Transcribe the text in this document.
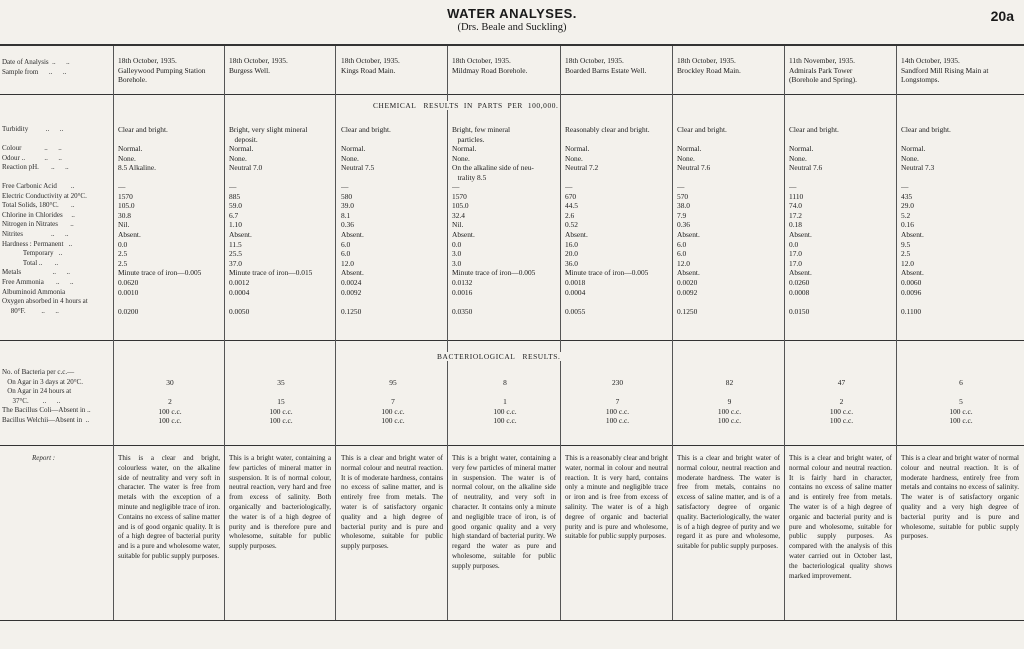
WATER ANALYSES.
(Drs. Beale and Suckling)
20a
CHEMICAL   RESULTS  IN  PARTS  PER  100,000.
BACTERIOLOGICAL   RESULTS.
Date of Analysis  ..      ..
Sample from      ..      ..
Turbidity          ..      ..

Colour             ..      ..
Odour ..           ..      ..
Reaction pH.       ..      ..
Free Carbonic Acid        ..
Electric Conductivity at 20°C.
Total Solids, 180°C.       ..
Chlorine in Chlorides     ..
Nitrogen in Nitrates       ..
Nitrites                ..      ..
Hardness : Permanent   ..
Temporary   ..
Total ..       ..
Metals                  ..      ..
Free Ammonia       ..      ..
Albuminoid Ammonia
Oxygen absorbed in 4 hours at
80°F.         ..      ..
No. of Bacteria per c.c.—
On Agar in 3 days at 20°C.
On Agar in 24 hours at
37°C.        ..      ..
The Bacillus Coli—Absent in ..
Bacillus Welchii—Absent in  ..
Report :
18th October, 1935.
Galleywood Pumping Station
Borehole.
Clear and bright.

Normal.
None.
8.5 Alkaline.
—
1570
105.0
30.8
Nil.
Absent.
0.0
2.5
2.5
Minute trace of iron—0.005
0.0620
0.0010

0.0200
30

2
100 c.c.
100 c.c.
This is a clear and bright, colourless water, on the alkaline side of neutrality and very soft in character. The water is free from metals with the exception of a minute and negligible trace of iron. Contains no excess of saline matter and is of good organic quality. It is of a high degree of bacterial purity and is a pure and wholesome water, suitable for public supply purposes.
18th October, 1935.
Burgess Well.
Bright, very slight mineral
deposit.
Normal.
None.
Neutral 7.0
—
885
59.0
6.7
1.10
Absent.
11.5
25.5
37.0
Minute trace of iron—0.015
0.0012
0.0004

0.0050
35

15
100 c.c.
100 c.c.
This is a bright water, containing a few particles of mineral matter in suspension. It is of normal colour, neutral reaction, very hard and free from excess of salinity. Both organically and bacteriologically, the water is of a high degree of purity and is therefore pure and wholesome, suitable for public supply purposes.
18th October, 1935.
Kings Road Main.
Clear and bright.

Normal.
None.
Neutral 7.5
—
580
39.0
8.1
0.36
Absent.
6.0
6.0
12.0
Absent.
0.0024
0.0092

0.1250
95

7
100 c.c.
100 c.c.
This is a clear and bright water of normal colour and neutral reaction. It is of moderate hardness, contains no excess of saline matter, and is entirely free from metals. The water is of satisfactory organic quality and a high degree of bacterial purity and is pure and wholesome, suitable for public supply purposes.
18th October, 1935.
Mildmay Road Borehole.
Bright, few mineral
particles.
Normal.
None.
On the alkaline side of neu-
trality 8.5
—
1570
105.0
32.4
Nil.
Absent.
0.0
3.0
3.0
Minute trace of iron—0.005
0.0132
0.0016

0.0350
8

1
100 c.c.
100 c.c.
This is a bright water, containing a very few particles of mineral matter in suspension. The water is of normal colour, on the alkaline side of neutrality, and very soft in character. It contains only a minute and negligible trace of iron, is of good organic quality and a very high standard of bacterial purity. We regard the water as pure and wholesome, suitable for public supply purposes.
18th October, 1935.
Boarded Barns Estate Well.
Reasonably clear and bright.

Normal.
None.
Neutral 7.2
—
670
44.5
2.6
0.52
Absent.
16.0
20.0
36.0
Minute trace of iron—0.005
0.0018
0.0004

0.0055
230

7
100 c.c.
100 c.c.
This is a reasonably clear and bright water, normal in colour and neutral reaction. It is very hard, contains only a minute and negligible trace or iron and is free from excess of salinity. The water is of a high degree of organic and bacterial purity and is pure and wholesome, suitable for public supply purposes.
18th October, 1935.
Brockley Road Main.
Clear and bright.

Normal.
None.
Neutral 7.6
—
570
38.0
7.9
0.36
Absent.
6.0
6.0
12.0
Absent.
0.0020
0.0092

0.1250
82

9
100 c.c.
100 c.c.
This is a clear and bright water of normal colour, neutral reaction and moderate hardness. The water is free from metals, contains no excess of saline matter, and is of a satisfactory degree of organic quality. Bacteriologically, the water is of a high degree of purity and we regard it as pure and wholesome, suitable for public supply purposes.
11th November, 1935.
Admirals Park Tower
(Borehole and Spring).
Clear and bright.

Normal.
None.
Neutral 7.6
—
1110
74.0
17.2
0.18
Absent.
0.0
17.0
17.0
Absent.
0.0260
0.0008

0.0150
47

2
100 c.c.
100 c.c.
This is a clear and bright water, of normal colour and neutral reaction. It is fairly hard in character, contains no excess of saline matter and is entirely free from metals. The water is of a high degree of organic and bacterial purity and is pure and wholesome, suitable for public supply purposes. As compared with the analysis of this water carried out in October last, the bacteriological quality shows marked improvement.
14th October, 1935.
Sandford Mill Rising Main at
Longstomps.
Clear and bright.

Normal.
None.
Neutral 7.3
—
435
29.0
5.2
0.16
Absent.
9.5
2.5
12.0
Absent.
0.0060
0.0096

0.1100
6

5
100 c.c.
100 c.c.
This is a clear and bright water of normal colour and neutral reaction. It is of moderate hardness, entirely free from metals and contains no excess of salinity. The water is of satisfactory organic quality and a very high degree of bacterial purity and is pure and wholesome, suitable for public supply purposes.
